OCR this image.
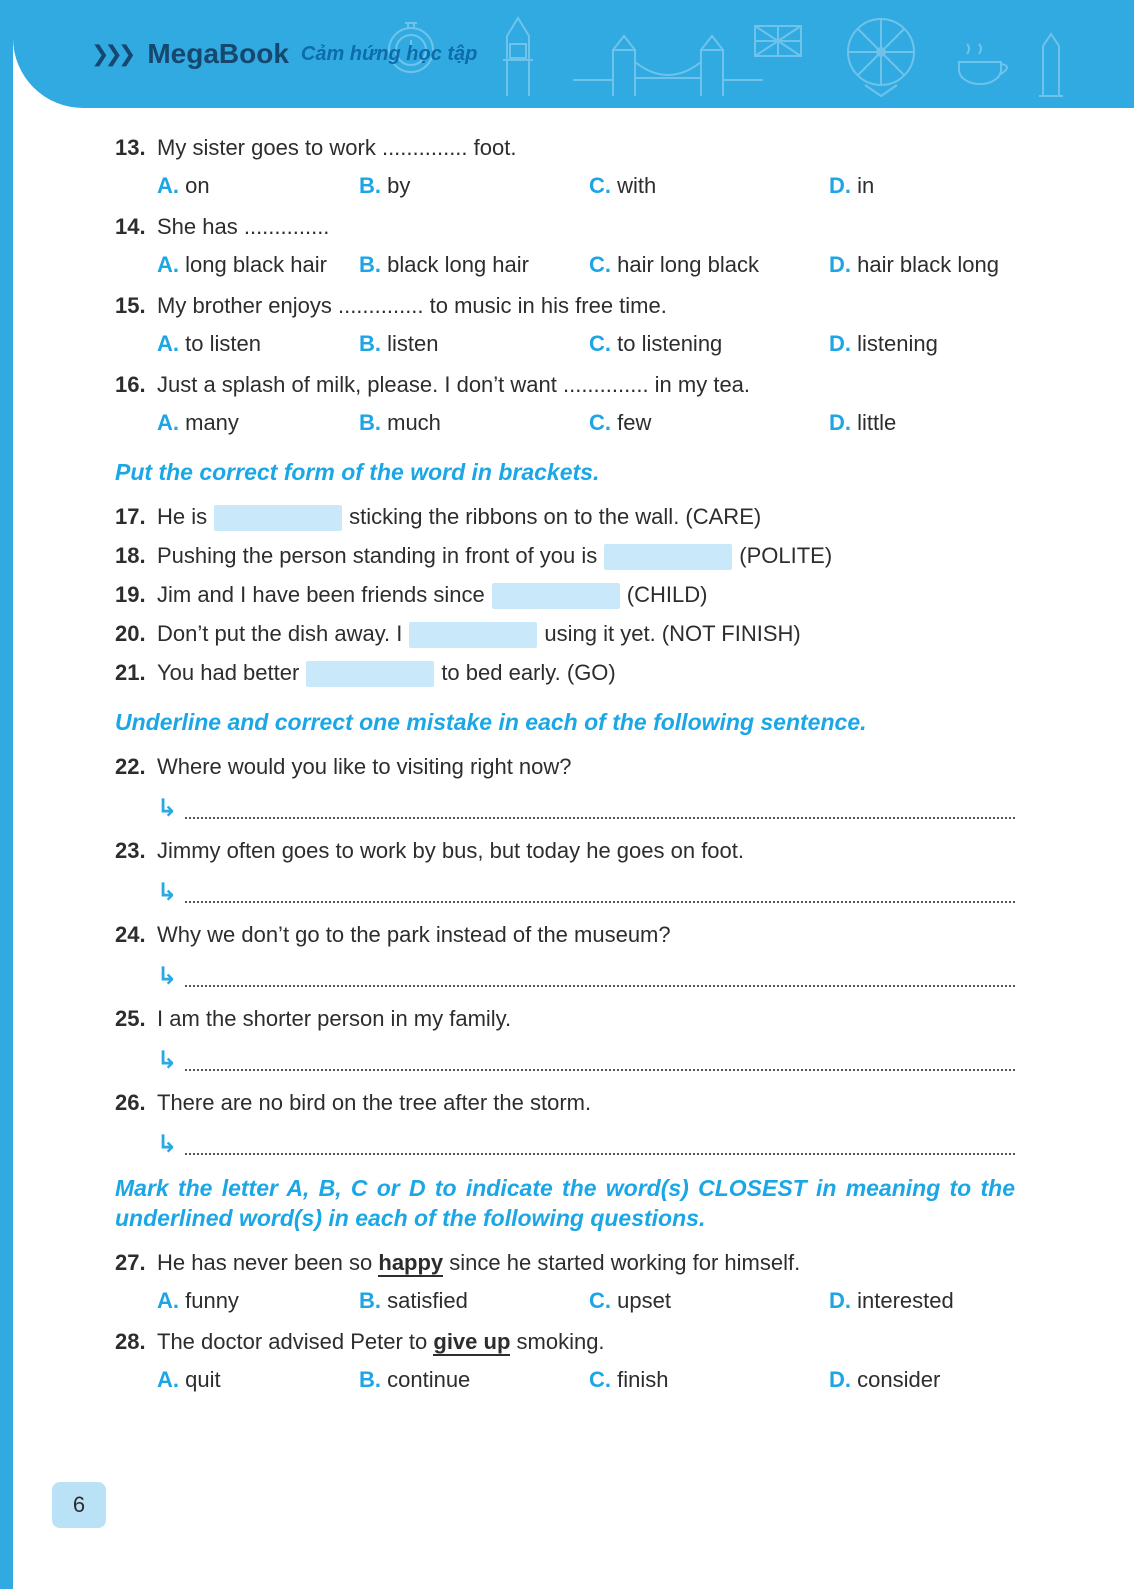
❯❯❯ MegaBook Cảm hứng học tập
13. My sister goes to work .............. foot.
A. on	B. by	C. with	D. in
14. She has ..............
A. long black hair	B. black long hair	C. hair long black	D. hair black long
15. My brother enjoys .............. to music in his free time.
A. to listen	B. listen	C. to listening	D. listening
16. Just a splash of milk, please. I don’t want .............. in my tea.
A. many	B. much	C. few	D. little
Put the correct form of the word in brackets.
17. He is	sticking the ribbons on to the wall. (CARE)
18. Pushing the person standing in front of you is	(POLITE)
19. Jim and I have been friends since	(CHILD)
20. Don’t put the dish away. I	using it yet. (NOT FINISH)
21. You had better	to bed early. (GO)
Underline and correct one mistake in each of the following sentence.
22. Where would you like to visiting right now?
↳
23. Jimmy often goes to work by bus, but today he goes on foot.
↳
24. Why we don’t go to the park instead of the museum?
↳
25. I am the shorter person in my family.
↳
26. There are no bird on the tree after the storm.
↳
Mark the letter A, B, C or D to indicate the word(s) CLOSEST in meaning to the underlined word(s) in each of the following questions.
27. He has never been so happy since he started working for himself.
A. funny	B. satisfied	C. upset	D. interested
28. The doctor advised Peter to give up smoking.
A. quit	B. continue	C. finish	D. consider
6
